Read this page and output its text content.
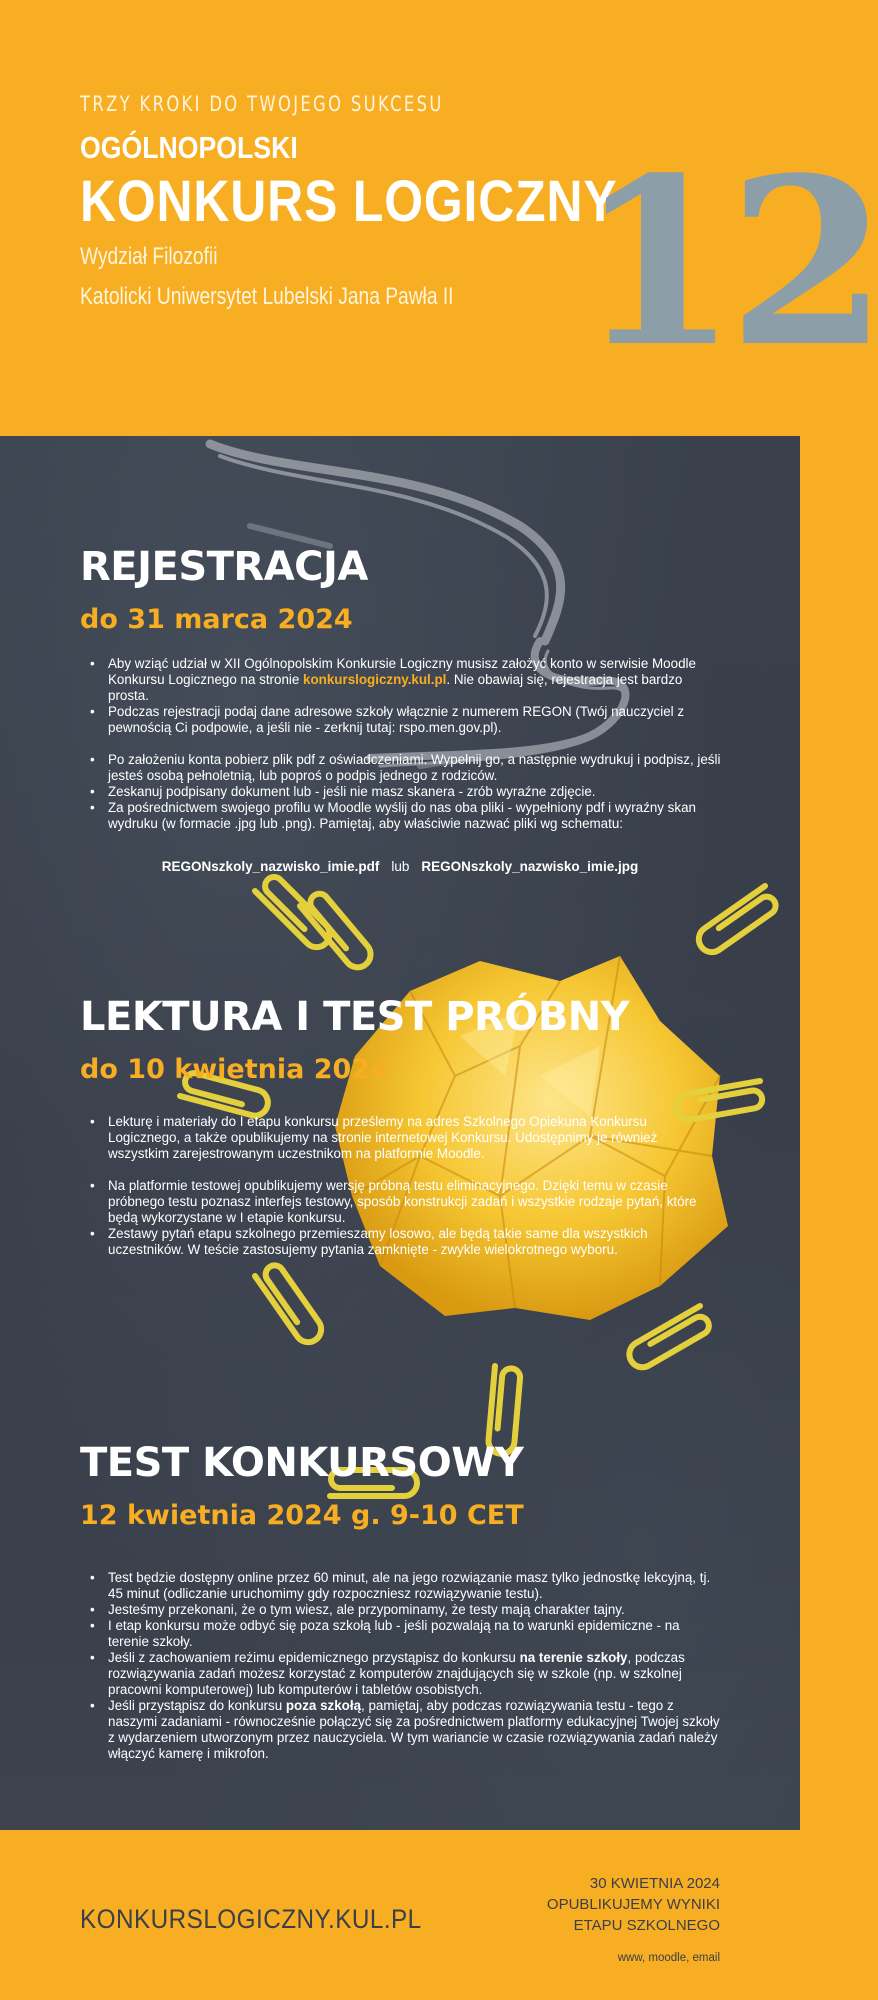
TRZY KROKI DO TWOJEGO SUKCESU
OGÓLNOPOLSKI
KONKURS LOGICZNY
Wydział Filozofii
Katolicki Uniwersytet Lubelski Jana Pawła II 12
REJESTRACJA
do 31 marca 2024
• Aby wziąć udział w XII Ogólnopolskim Konkursie Logiczny musisz założyć konto w serwisie Moodle Konkursu Logicznego na stronie konkurslogiczny.kul.pl. Nie obawiaj się, rejestracja jest bardzo prosta.
• Podczas rejestracji podaj dane adresowe szkoły włącznie z numerem REGON (Twój nauczyciel z pewnością Ci podpowie, a jeśli nie - zerknij tutaj: rspo.men.gov.pl).
• Po założeniu konta pobierz plik pdf z oświadczeniami. Wypełnij go, a następnie wydrukuj i podpisz, jeśli jesteś osobą pełnoletnią, lub poproś o podpis jednego z rodziców.
• Zeskanuj podpisany dokument lub - jeśli nie masz skanera - zrób wyraźne zdjęcie.
• Za pośrednictwem swojego profilu w Moodle wyślij do nas oba pliki - wypełniony pdf i wyraźny skan wydruku (w formacie .jpg lub .png). Pamiętaj, aby właściwie nazwać pliki wg schematu:
REGONszkoly_nazwisko_imie.pdf lub REGONszkoly_nazwisko_imie.jpg
LEKTURA I TEST PRÓBNY
do 10 kwietnia 2024
• Lekturę i materiały do I etapu konkursu prześlemy na adres Szkolnego Opiekuna Konkursu Logicznego, a także opublikujemy na stronie internetowej Konkursu. Udostępnimy je również wszystkim zarejestrowanym uczestnikom na platformie Moodle.
• Na platformie testowej opublikujemy wersję próbną testu eliminacyjnego. Dzięki temu w czasie próbnego testu poznasz interfejs testowy, sposób konstrukcji zadań i wszystkie rodzaje pytań, które będą wykorzystane w I etapie konkursu.
• Zestawy pytań etapu szkolnego przemieszamy losowo, ale będą takie same dla wszystkich uczestników. W teście zastosujemy pytania zamknięte - zwykle wielokrotnego wyboru.
TEST KONKURSOWY
12 kwietnia 2024 g. 9-10 CET
• Test będzie dostępny online przez 60 minut, ale na jego rozwiązanie masz tylko jednostkę lekcyjną, tj. 45 minut (odliczanie uruchomimy gdy rozpoczniesz rozwiązywanie testu).
• Jesteśmy przekonani, że o tym wiesz, ale przypominamy, że testy mają charakter tajny.
• I etap konkursu może odbyć się poza szkołą lub - jeśli pozwalają na to warunki epidemiczne - na terenie szkoły.
• Jeśli z zachowaniem reżimu epidemicznego przystąpisz do konkursu na terenie szkoły, podczas rozwiązywania zadań możesz korzystać z komputerów znajdujących się w szkole (np. w szkolnej pracowni komputerowej) lub komputerów i tabletów osobistych.
• Jeśli przystąpisz do konkursu poza szkołą, pamiętaj, aby podczas rozwiązywania testu - tego z naszymi zadaniami - równocześnie połączyć się za pośrednictwem platformy edukacyjnej Twojej szkoły z wydarzeniem utworzonym przez nauczyciela. W tym wariancie w czasie rozwiązywania zadań należy włączyć kamerę i mikrofon.
KONKURSLOGICZNY.KUL.PL
30 KWIETNIA 2024
OPUBLIKUJEMY WYNIKI
ETAPU SZKOLNEGO
www, moodle, email
